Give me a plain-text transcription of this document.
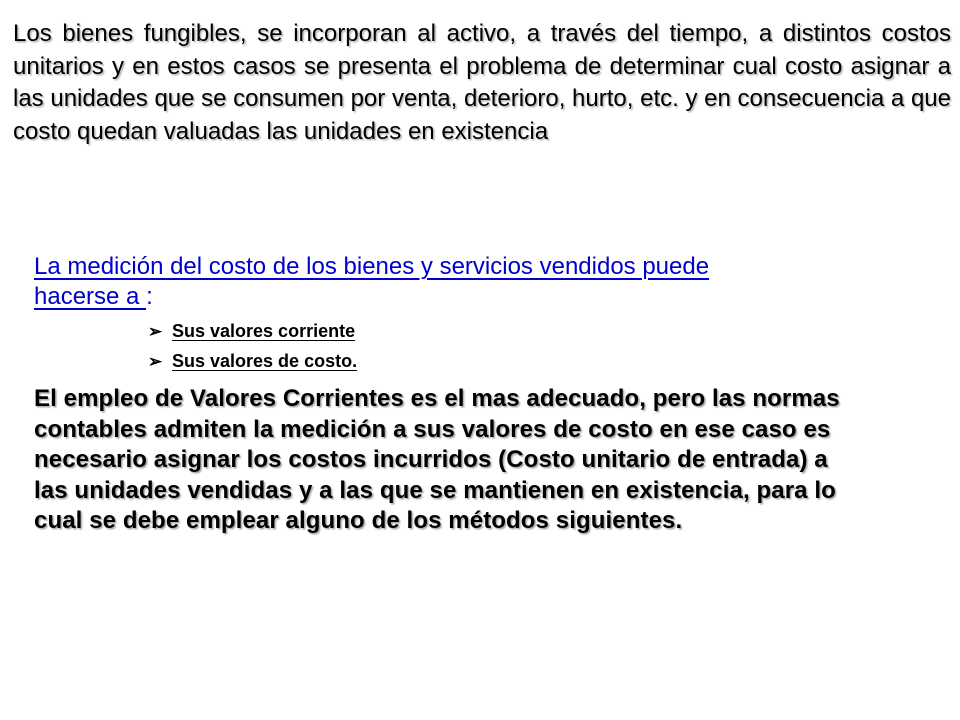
Los bienes fungibles, se incorporan al activo, a través del tiempo, a distintos costos unitarios y en estos casos se presenta el problema de determinar cual costo asignar a las unidades que se consumen por venta, deterioro, hurto, etc. y en consecuencia a que costo quedan valuadas las unidades en existencia

La medición del costo de los bienes y servicios vendidos puede hacerse a :

➢ Sus valores corriente
➢ Sus valores de costo.

El empleo de Valores Corrientes es el mas adecuado, pero las normas contables admiten la medición a sus valores de costo en ese caso es necesario asignar los costos incurridos (Costo unitario de entrada) a las unidades vendidas y a las que se mantienen en existencia, para lo cual se debe emplear alguno de los métodos siguientes.
